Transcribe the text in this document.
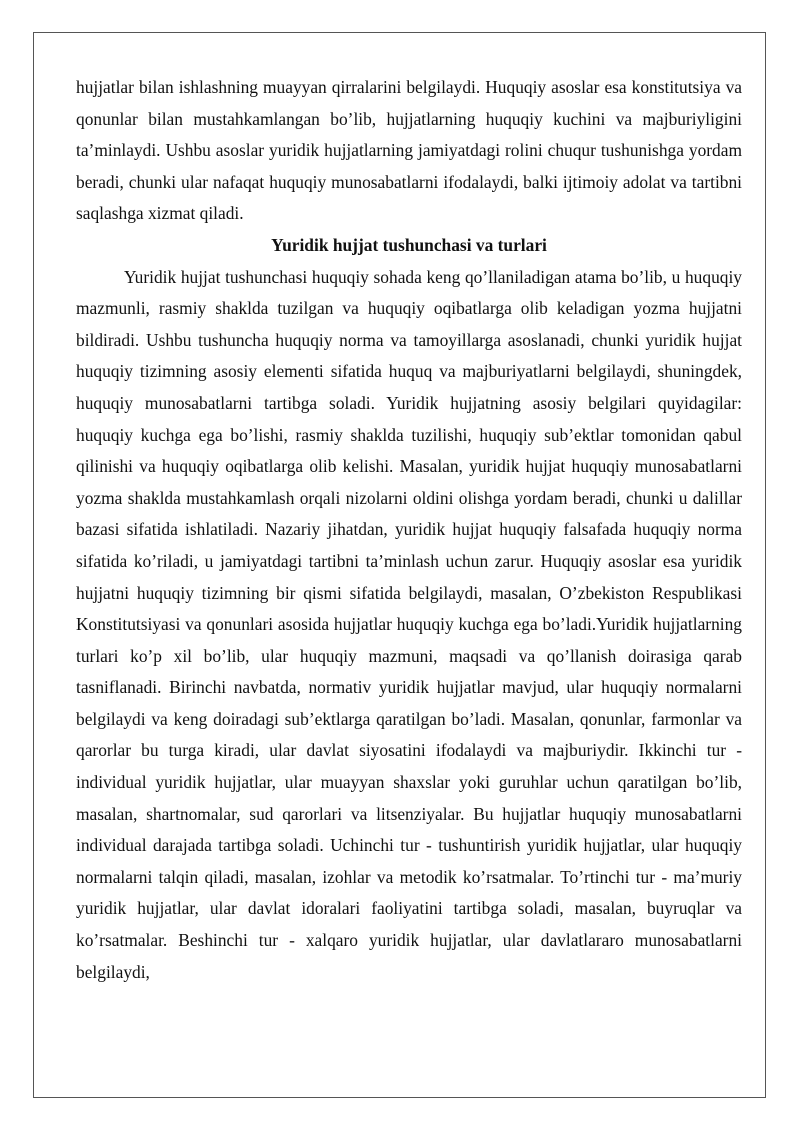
hujjatlar bilan ishlashning muayyan qirralarini belgilaydi. Huquqiy asoslar esa konstitutsiya va qonunlar bilan mustahkamlangan bo’lib, hujjatlarning huquqiy kuchini va majburiyligini ta’minlaydi. Ushbu asoslar yuridik hujjatlarning jamiyatdagi rolini chuqur tushunishga yordam beradi, chunki ular nafaqat huquqiy munosabatlarni ifodalaydi, balki ijtimoiy adolat va tartibni saqlashga xizmat qiladi.

Yuridik hujjat tushunchasi va turlari

Yuridik hujjat tushunchasi huquqiy sohada keng qo’llaniladigan atama bo’lib, u huquqiy mazmunli, rasmiy shaklda tuzilgan va huquqiy oqibatlarga olib keladigan yozma hujjatni bildiradi. Ushbu tushuncha huquqiy norma va tamoyillarga asoslanadi, chunki yuridik hujjat huquqiy tizimning asosiy elementi sifatida huquq va majburiyatlarni belgilaydi, shuningdek, huquqiy munosabatlarni tartibga soladi. Yuridik hujjatning asosiy belgilari quyidagilar: huquqiy kuchga ega bo’lishi, rasmiy shaklda tuzilishi, huquqiy sub’ektlar tomonidan qabul qilinishi va huquqiy oqibatlarga olib kelishi. Masalan, yuridik hujjat huquqiy munosabatlarni yozma shaklda mustahkamlash orqali nizolarni oldini olishga yordam beradi, chunki u dalillar bazasi sifatida ishlatiladi. Nazariy jihatdan, yuridik hujjat huquqiy falsafada huquqiy norma sifatida ko’riladi, u jamiyatdagi tartibni ta’minlash uchun zarur. Huquqiy asoslar esa yuridik hujjatni huquqiy tizimning bir qismi sifatida belgilaydi, masalan, O’zbekiston Respublikasi Konstitutsiyasi va qonunlari asosida hujjatlar huquqiy kuchga ega bo’ladi.Yuridik hujjatlarning turlari ko’p xil bo’lib, ular huquqiy mazmuni, maqsadi va qo’llanish doirasiga qarab tasniflanadi. Birinchi navbatda, normativ yuridik hujjatlar mavjud, ular huquqiy normalarni belgilaydi va keng doiradagi sub’ektlarga qaratilgan bo’ladi. Masalan, qonunlar, farmonlar va qarorlar bu turga kiradi, ular davlat siyosatini ifodalaydi va majburiydir. Ikkinchi tur - individual yuridik hujjatlar, ular muayyan shaxslar yoki guruhlar uchun qaratilgan bo’lib, masalan, shartnomalar, sud qarorlari va litsenziyalar. Bu hujjatlar huquqiy munosabatlarni individual darajada tartibga soladi. Uchinchi tur - tushuntirish yuridik hujjatlar, ular huquqiy normalarni talqin qiladi, masalan, izohlar va metodik ko’rsatmalar. To’rtinchi tur - ma’muriy yuridik hujjatlar, ular davlat idoralari faoliyatini tartibga soladi, masalan, buyruqlar va ko’rsatmalar. Beshinchi tur - xalqaro yuridik hujjatlar, ular davlatlararo munosabatlarni belgilaydi,
